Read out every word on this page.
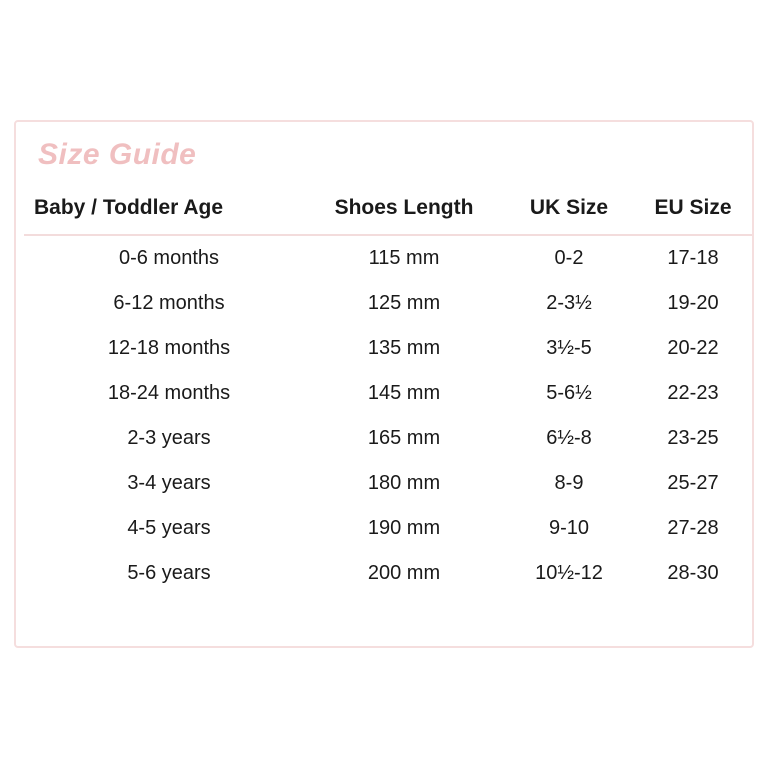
Size Guide
Baby / Toddler Age	Shoes Length	UK Size	EU Size
0-6 months	115 mm	0-2	17-18
6-12 months	125 mm	2-3½	19-20
12-18 months	135 mm	3½-5	20-22
18-24 months	145 mm	5-6½	22-23
2-3 years	165 mm	6½-8	23-25
3-4 years	180 mm	8-9	25-27
4-5 years	190 mm	9-10	27-28
5-6 years	200 mm	10½-12	28-30
